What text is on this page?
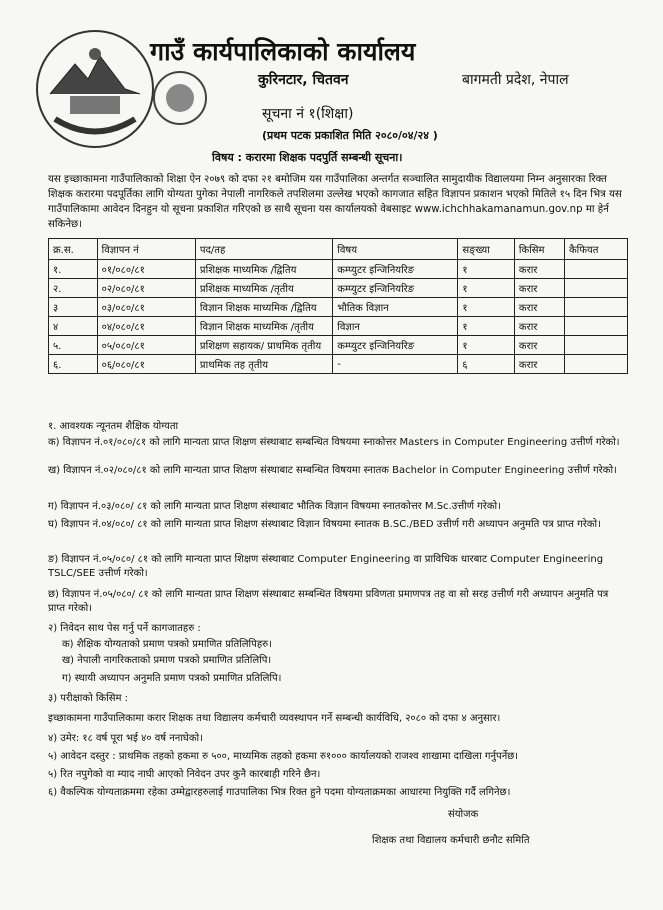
गाउँ कार्यपालिकाको कार्यालय
कुरिनटार, चितवन	बागमती प्रदेश, नेपाल
सूचना नं १(शिक्षा)
(प्रथम पटक प्रकाशित मिति २०८०/०४/२४ )
विषय : करारमा शिक्षक पदपुर्ति सम्बन्धी सूचना।

यस इच्छाकामना गाउँपालिकाको शिक्षा ऐन २०७९ को दफा २१ बमोजिम यस गाउँपालिका अन्तर्गत सञ्चालित सामुदायीक विद्यालयमा निम्न अनुसारका रिक्त शिक्षक करारमा पदपूर्तिका लागि योग्यता पुगेका नेपाली नागरिकले तपशिलमा उल्लेख भएको कागजात सहित विज्ञापन प्रकाशन भएको मितिले १५ दिन भित्र यस गाउँपालिकामा आवेदन दिनहुन यो सूचना प्रकाशित गरिएको छ साथै सूचना यस कार्यालयको वेबसाइट www.ichchhakamanamun.gov.np मा हेर्न सकिनेछ।

क्र.स.	विज्ञापन नं	पद/तह	विषय	सङ्ख्या	किसिम	कैफियत
१.	०१/०८०/८१	प्रशिक्षक माध्यमिक /द्वितिय	कम्प्युटर इन्जिनियरिङ	१	करार	
२.	०२/०८०/८१	प्रशिक्षक माध्यमिक /तृतीय	कम्प्युटर इन्जिनियरिङ	१	करार	
३	०३/०८०/८१	विज्ञान शिक्षक माध्यमिक /द्वितिय	भौतिक विज्ञान	१	करार	
४	०४/०८०/८१	विज्ञान शिक्षक माध्यमिक /तृतीय	विज्ञान	१	करार	
५.	०५/०८०/८१	प्रशिक्षण सहायक/ प्राथमिक तृतीय	कम्प्युटर इन्जिनियरिङ	१	करार	
६.	०६/०८०/८१	प्राथमिक तह तृतीय	-	६	करार	

१. आवश्यक न्यूनतम शैक्षिक योग्यता

क) विज्ञापन नं.०१/०८०/८१ को लागि मान्यता प्राप्त शिक्षण संस्थाबाट सम्बन्धित विषयमा स्नाकोत्तर Masters in Computer Engineering उत्तीर्ण गरेको।

ख) विज्ञापन नं.०२/०८०/८१ को लागि मान्यता प्राप्त शिक्षण संस्थाबाट सम्बन्धित विषयमा स्नातक Bachelor in Computer Engineering उत्तीर्ण गरेको।

ग) विज्ञापन नं.०३/०८०/ ८१ को लागि मान्यता प्राप्त शिक्षण संस्थाबाट भौतिक विज्ञान विषयमा स्नातकोत्तर M.Sc.उत्तीर्ण गरेको।

घ) विज्ञापन नं.०४/०८०/ ८१ को लागि मान्यता प्राप्त शिक्षण संस्थाबाट विज्ञान विषयमा स्नातक B.SC./BED उत्तीर्ण गरी अध्यापन अनुमति पत्र प्राप्त गरेको।

ङ) विज्ञापन नं.०५/०८०/ ८१ को लागि मान्यता प्राप्त शिक्षण संस्थाबाट Computer Engineering वा प्राविधिक धारबाट Computer Engineering TSLC/SEE उत्तीर्ण गरेको।

छ) विज्ञापन नं.०५/०८०/ ८१ को लागि मान्यता प्राप्त शिक्षण संस्थाबाट सम्बन्धित विषयमा प्रविणता प्रमाणपत्र तह वा सो सरह उत्तीर्ण गरी अध्यापन अनुमति पत्र प्राप्त गरेको।

२) निवेदन साथ पेस गर्नु पर्ने कागजातहरु :

क) शैक्षिक योग्यताको प्रमाण पत्रको प्रमाणित प्रतिलिपिहरु।

ख) नेपाली नागरिकताको प्रमाण पत्रको प्रमाणित प्रतिलिपि।

ग) स्थायी अध्यापन अनुमति प्रमाण पत्रको प्रमाणित प्रतिलिपि।

३) परीक्षाको किसिम :

इच्छाकामना गाउँपालिकामा करार शिक्षक तथा विद्यालय कर्मचारी व्यवस्थापन गर्ने सम्बन्धी कार्यविधि, २०८० को दफा ४ अनुसार।

४) उमेर: १८ वर्ष पूरा भई ४० वर्ष ननाघेको।

५) आवेदन दस्तुर : प्राथमिक तहको हकमा रु ५००, माध्यमिक तहको हकमा रु१००० कार्यालयको राजश्व शाखामा दाखिला गर्नुपर्नेछ।

५) रित नपुगेको वा म्याद नाघी आएको निवेदन उपर कुनै कारबाही गरिने छैन।

६) वैकल्पिक योग्यताक्रममा रहेका उम्मेद्वारहरुलाई गाउपालिका भित्र रिक्त हुने पदमा योग्यताक्रमका आधारमा नियुक्ति गर्दै लगिनेछ।

संयोजक
शिक्षक तथा विद्यालय कर्मचारी छनौट समिति
